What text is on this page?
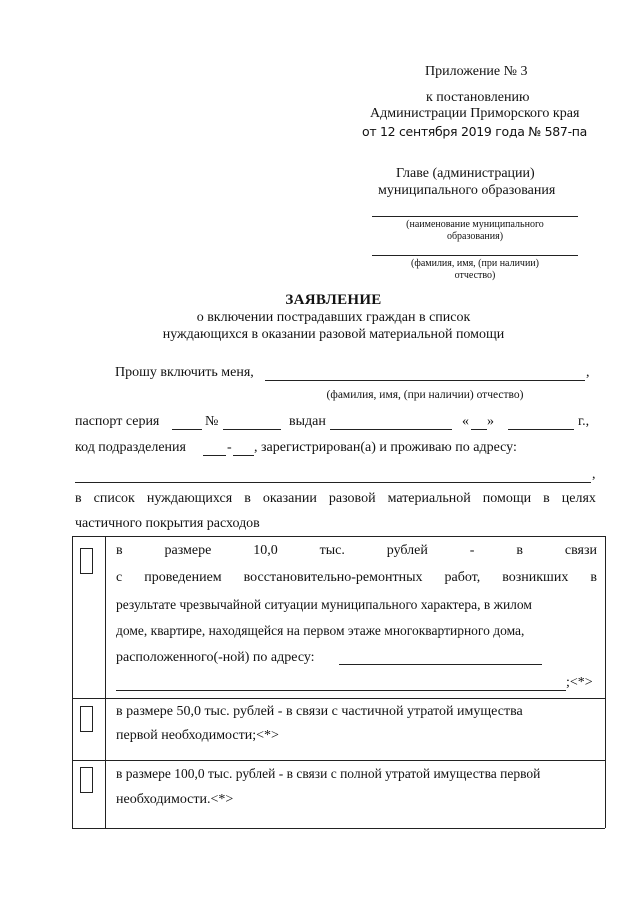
Приложение № 3
к постановлению
Администрации Приморского края
от 12 сентября 2019 года № 587-па
Главе (администрации)
муниципального образования
(наименование муниципального
образования)
(фамилия, имя, (при наличии)
отчество)
ЗАЯВЛЕНИЕ
о включении пострадавших граждан в список
нуждающихся в оказании разовой материальной помощи
Прошу включить меня,	,
(фамилия, имя, (при наличии) отчество)
паспорт серия	№	выдан	« »	г.,
код подразделения	- , зарегистрирован(а) и проживаю по адресу:
,
в список нуждающихся в оказании разовой материальной помощи в целях
частичного покрытия расходов
в	размере	10,0	тыс.	рублей	-	в	связи
с проведением восстановительно-ремонтных работ, возникших в
результате чрезвычайной ситуации муниципального характера, в жилом
доме, квартире, находящейся на первом этаже многоквартирного дома,
расположенного(-ной) по адресу:
;<*>
в размере 50,0 тыс. рублей - в связи с частичной утратой имущества
первой необходимости;<*>
в размере 100,0 тыс. рублей - в связи с полной утратой имущества первой
необходимости.<*>
